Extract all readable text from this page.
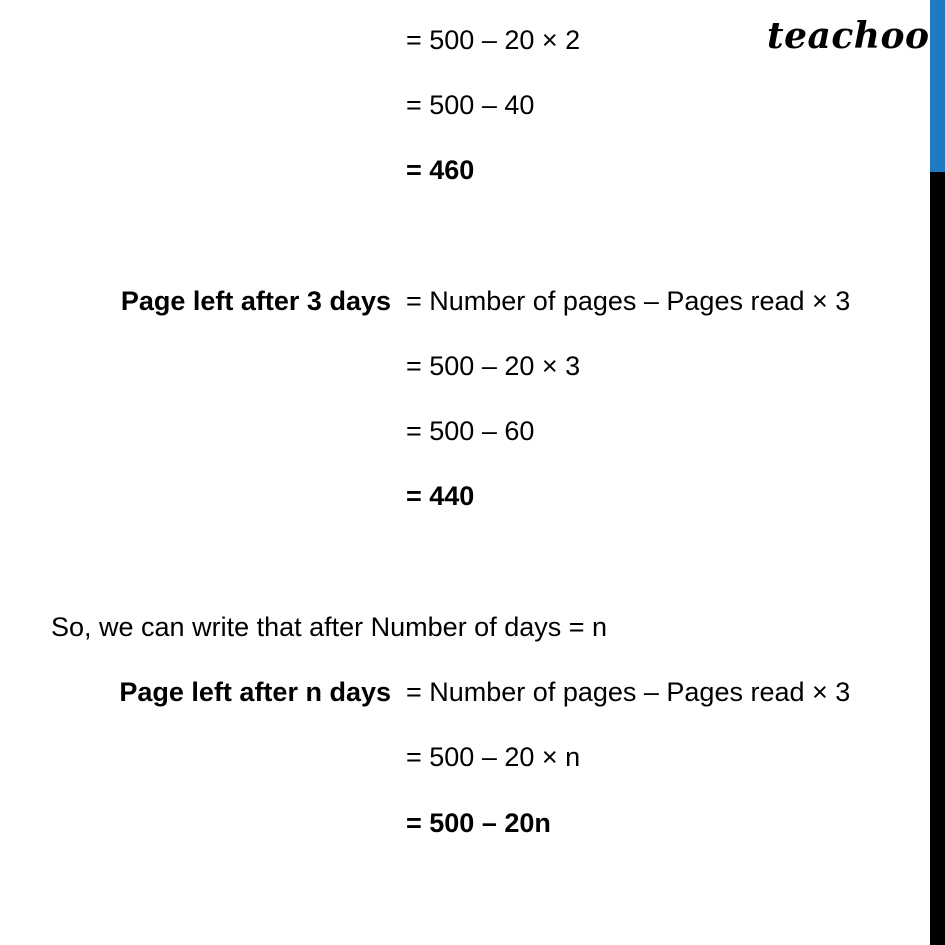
teachoo
= 500 – 20 × 2
= 500 – 40
= 460
Page left after 3 days = Number of pages – Pages read × 3
= 500 – 20 × 3
= 500 – 60
= 440
So, we can write that after Number of days = n
Page left after n days = Number of pages – Pages read × 3
= 500 – 20 × n
= 500 – 20n
